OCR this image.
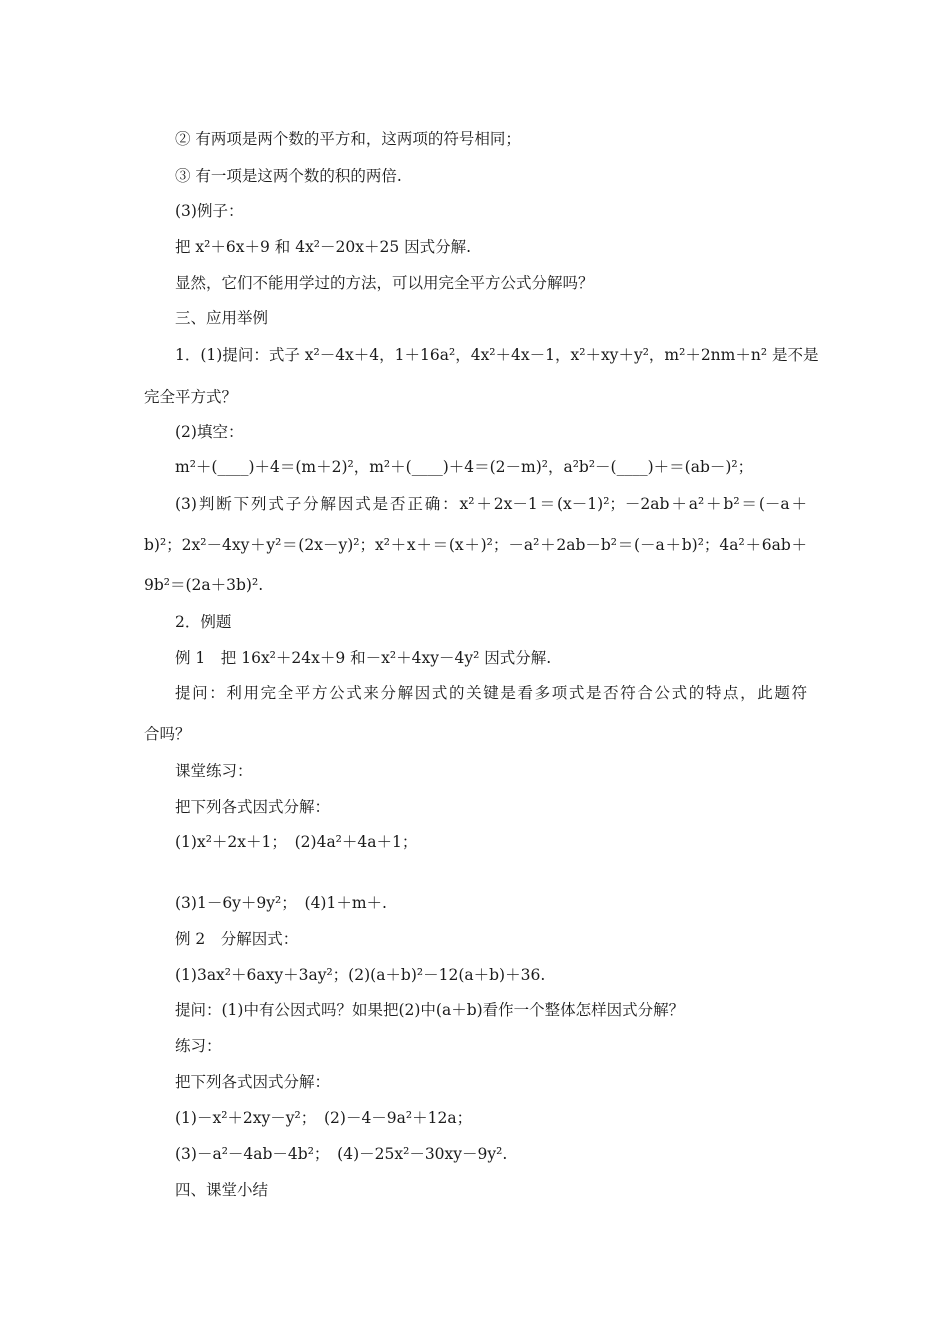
② 有两项是两个数的平方和，这两项的符号相同；
③ 有一项是这两个数的积的两倍.
(3)例子：
把 x²＋6x＋9 和 4x²－20x＋25 因式分解.
显然，它们不能用学过的方法，可以用完全平方公式分解吗？
三、应用举例
1．(1)提问：式子 x²－4x＋4，1＋16a²，4x²＋4x－1，x²＋xy＋y²，m²＋2nm＋n² 是不是
完全平方式？
(2)填空：
m²＋(____)＋4＝(m＋2)²，m²＋(____)＋4＝(2－m)²，a²b²－(____)＋＝(ab－)²；
(3)判断下列式子分解因式是否正确：x²＋2x－1＝(x－1)²；－2ab＋a²＋b²＝(－a＋
b)²；2x²－4xy＋y²＝(2x－y)²；x²＋x＋＝(x＋)²；－a²＋2ab－b²＝(－a＋b)²；4a²＋6ab＋
9b²＝(2a＋3b)².
2．例题
例 1　把 16x²＋24x＋9 和－x²＋4xy－4y² 因式分解.
提问：利用完全平方公式来分解因式的关键是看多项式是否符合公式的特点，此题符
合吗？
课堂练习：
把下列各式因式分解：
(1)x²＋2x＋1；　(2)4a²＋4a＋1；
(3)1－6y＋9y²；　(4)1＋m＋.
例 2　分解因式：
(1)3ax²＋6axy＋3ay²；(2)(a＋b)²－12(a＋b)＋36.
提问：(1)中有公因式吗？如果把(2)中(a＋b)看作一个整体怎样因式分解？
练习：
把下列各式因式分解：
(1)－x²＋2xy－y²；　(2)－4－9a²＋12a；
(3)－a²－4ab－4b²；　(4)－25x²－30xy－9y².
四、课堂小结
